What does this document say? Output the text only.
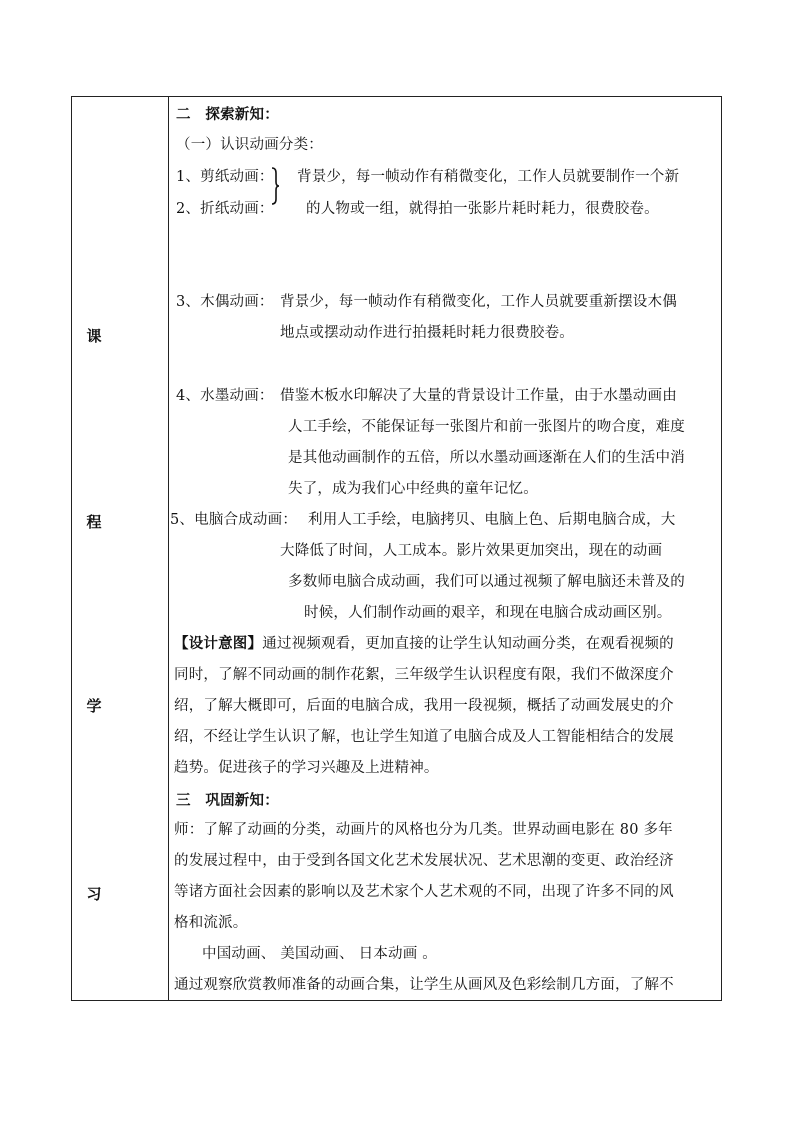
课
程
学
习
二　探索新知：
（一）认识动画分类：
1、剪纸动画：
2、折纸动画：
背景少，每一帧动作有稍微变化，工作人员就要制作一个新
的人物或一组，就得拍一张影片耗时耗力，很费胶卷。
3、木偶动画： 背景少，每一帧动作有稍微变化，工作人员就要重新摆设木偶
地点或摆动动作进行拍摄耗时耗力很费胶卷。
4、水墨动画： 借鉴木板水印解决了大量的背景设计工作量，由于水墨动画由
人工手绘，不能保证每一张图片和前一张图片的吻合度，难度
是其他动画制作的五倍，所以水墨动画逐渐在人们的生活中消
失了，成为我们心中经典的童年记忆。
5、电脑合成动画： 利用人工手绘，电脑拷贝、电脑上色、后期电脑合成，大
大降低了时间，人工成本。影片效果更加突出，现在的动画
多数师电脑合成动画，我们可以通过视频了解电脑还未普及的
时候，人们制作动画的艰辛，和现在电脑合成动画区别。
【设计意图】通过视频观看，更加直接的让学生认知动画分类，在观看视频的
同时，了解不同动画的制作花絮，三年级学生认识程度有限，我们不做深度介
绍，了解大概即可，后面的电脑合成，我用一段视频，概括了动画发展史的介
绍，不经让学生认识了解，也让学生知道了电脑合成及人工智能相结合的发展
趋势。促进孩子的学习兴趣及上进精神。
三　巩固新知：
师：了解了动画的分类，动画片的风格也分为几类。世界动画电影在 80 多年
的发展过程中，由于受到各国文化艺术发展状况、艺术思潮的变更、政治经济
等诸方面社会因素的影响以及艺术家个人艺术观的不同，出现了许多不同的风
格和流派。
中国动画、 美国动画、 日本动画 。
通过观察欣赏教师准备的动画合集，让学生从画风及色彩绘制几方面，了解不
